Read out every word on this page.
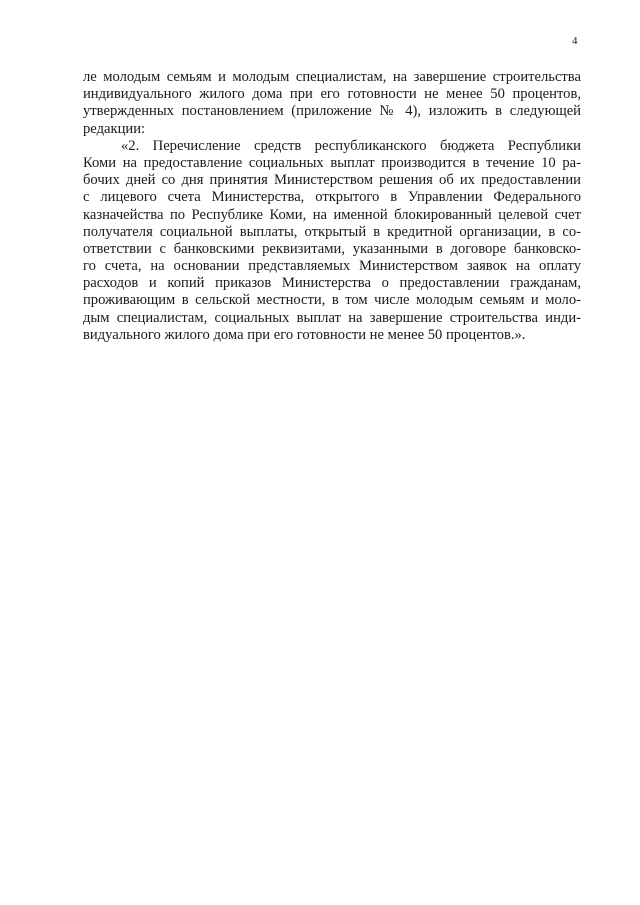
4
ле молодым семьям и молодым специалистам, на завершение строительства
индивидуального жилого дома при его готовности не менее 50 процентов,
утвержденных постановлением (приложение № 4), изложить в следующей
редакции:
«2. Перечисление средств республиканского бюджета Республики
Коми на предоставление социальных выплат производится в течение 10 ра-
бочих дней со дня принятия Министерством решения об их предоставлении
с лицевого счета Министерства, открытого в Управлении Федерального
казначейства по Республике Коми, на именной блокированный целевой счет
получателя социальной выплаты, открытый в кредитной организации, в со-
ответствии с банковскими реквизитами, указанными в договоре банковско-
го счета, на основании представляемых Министерством заявок на оплату
расходов и копий приказов Министерства о предоставлении гражданам,
проживающим в сельской местности, в том числе молодым семьям и моло-
дым специалистам, социальных выплат на завершение строительства инди-
видуального жилого дома при его готовности не менее 50 процентов.».
